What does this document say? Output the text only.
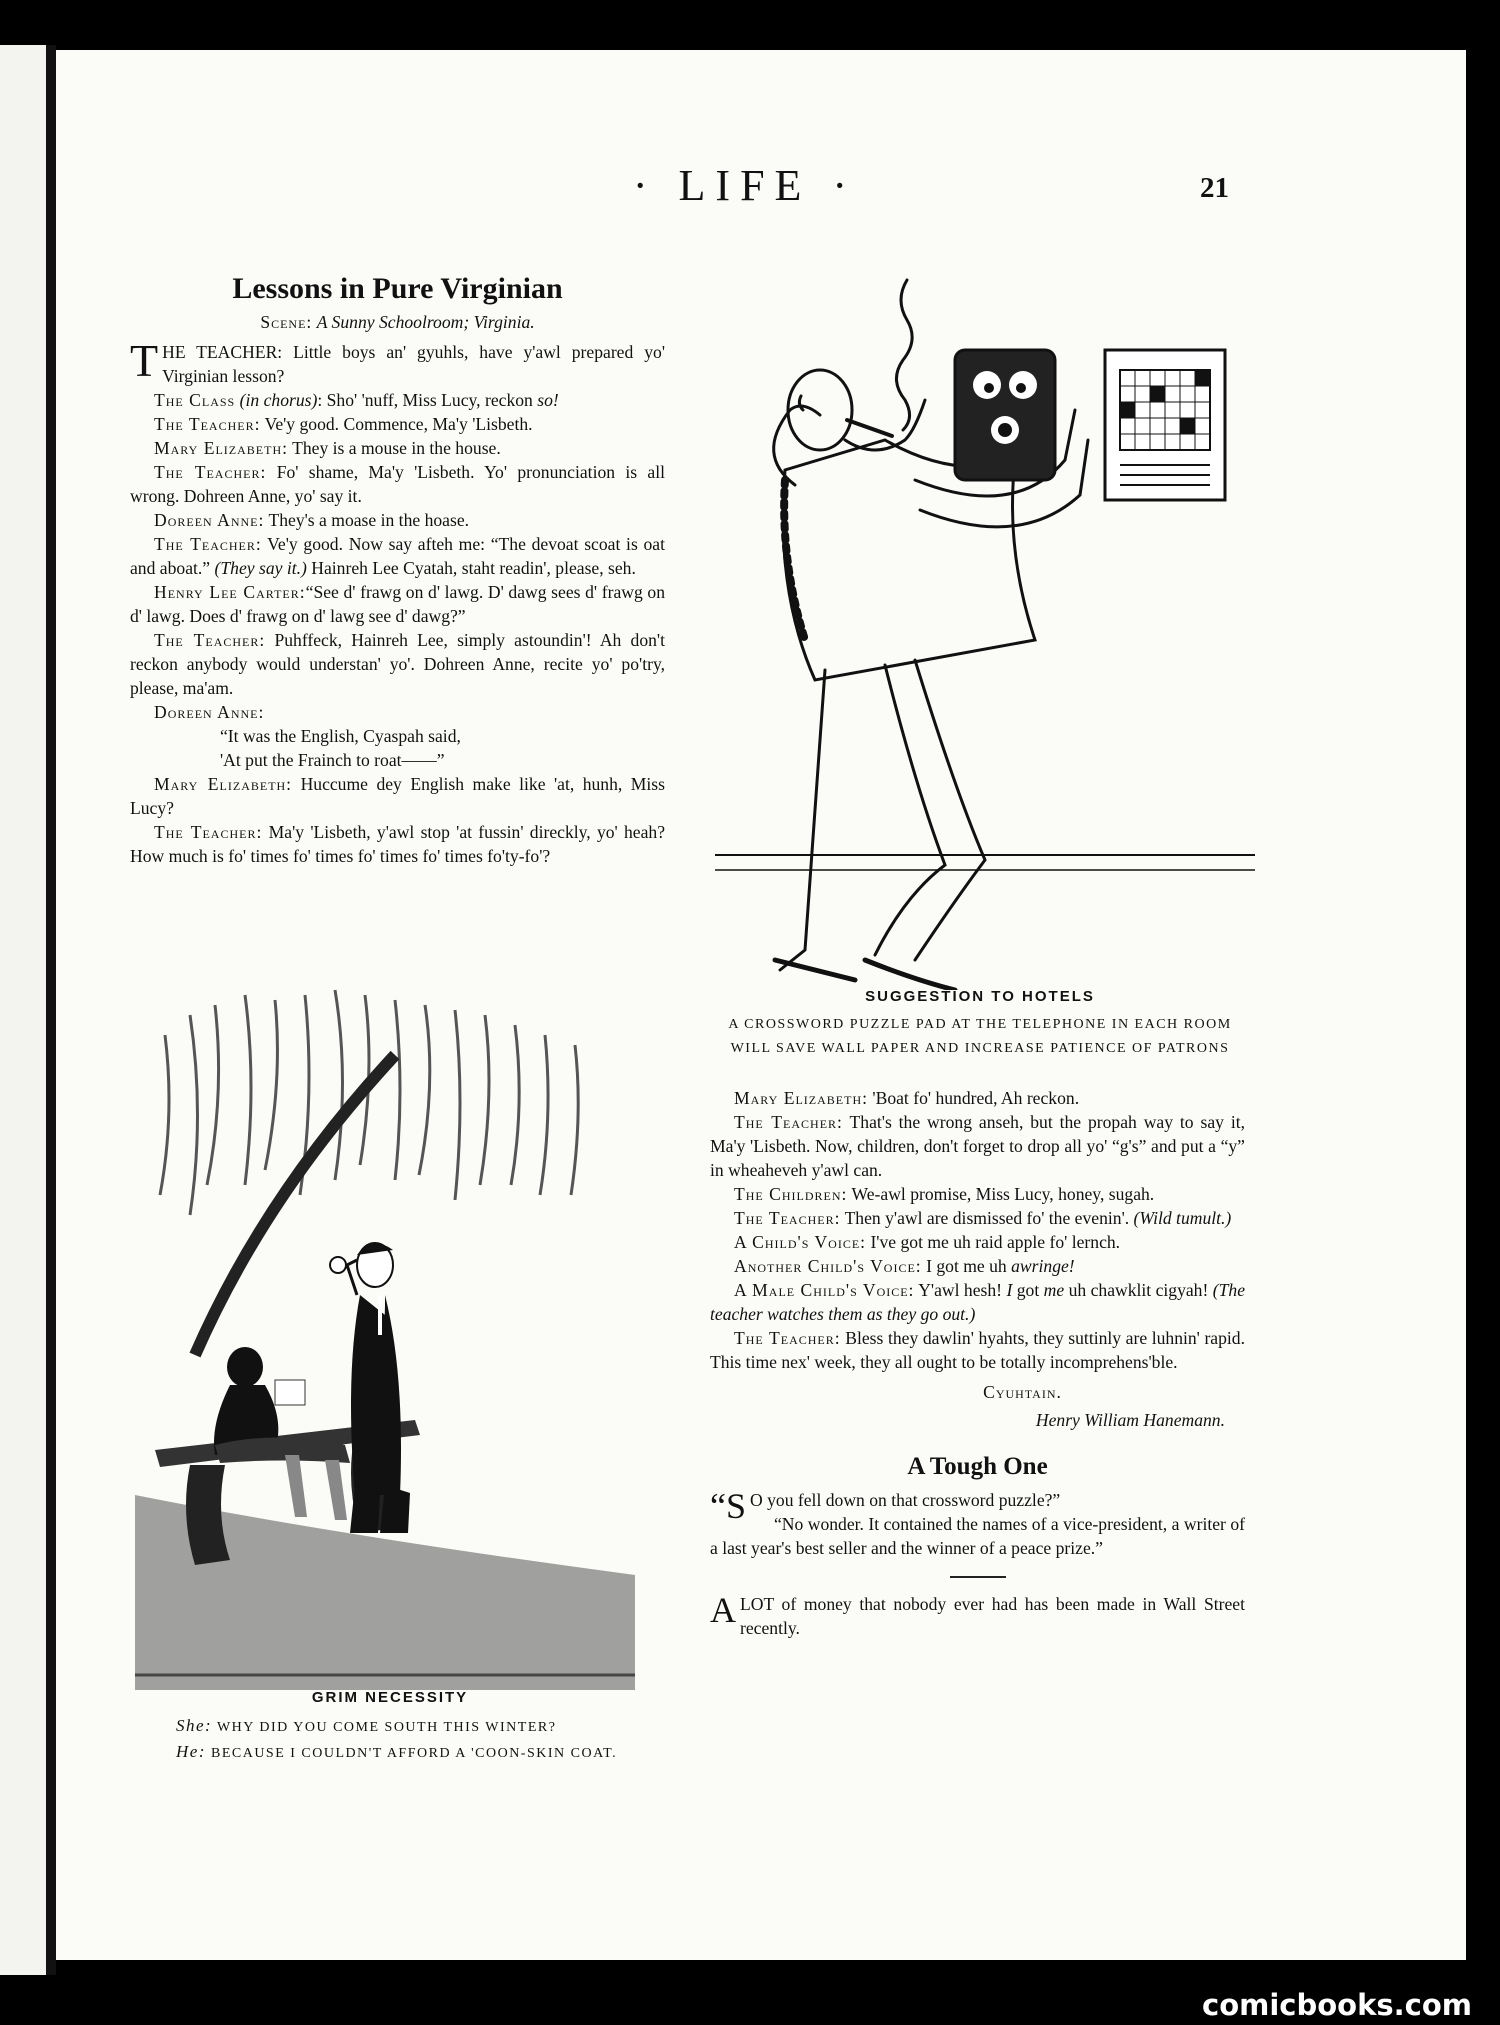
· LIFE ·	21
Lessons in Pure Virginian
Scene: A Sunny Schoolroom; Virginia.

THE TEACHER: Little boys an' gyuhls, have y'awl prepared yo' Virginian lesson?

The Class (in chorus): Sho' 'nuff, Miss Lucy, reckon so!

The Teacher: Ve'y good. Commence, Ma'y 'Lisbeth.

Mary Elizabeth: They is a mouse in the house.

The Teacher: Fo' shame, Ma'y 'Lisbeth. Yo' pronunciation is all wrong. Dohreen Anne, yo' say it.

Doreen Anne: They's a moase in the hoase.

The Teacher: Ve'y good. Now say afteh me: “The devoat scoat is oat and aboat.” (They say it.) Hainreh Lee Cyatah, staht readin', please, seh.

Henry Lee Carter:“See d' frawg on d' lawg. D' dawg sees d' frawg on d' lawg. Does d' frawg on d' lawg see d' dawg?”

The Teacher: Puhffeck, Hainreh Lee, simply astoundin'! Ah don't reckon anybody would understan' yo'. Dohreen Anne, recite yo' po'try, please, ma'am.

Doreen Anne:

“It was the English, Cyaspah said,

'At put the Frainch to roat——”

Mary Elizabeth: Huccume dey English make like 'at, hunh, Miss Lucy?

The Teacher: Ma'y 'Lisbeth, y'awl stop 'at fussin' direckly, yo' heah? How much is fo' times fo' times fo' times fo' times fo'ty-fo'?

SUGGESTION TO HOTELS
A CROSSWORD PUZZLE PAD AT THE TELEPHONE IN EACH ROOM
WILL SAVE WALL PAPER AND INCREASE PATIENCE OF PATRONS
GRIM NECESSITY
She: WHY DID YOU COME SOUTH THIS WINTER?
He: BECAUSE I COULDN'T AFFORD A 'COON-SKIN COAT.

Mary Elizabeth: 'Boat fo' hundred, Ah reckon.

The Teacher: That's the wrong anseh, but the propah way to say it, Ma'y 'Lisbeth. Now, children, don't forget to drop all yo' “g's” and put a “y” in wheaheveh y'awl can.

The Children: We-awl promise, Miss Lucy, honey, sugah.

The Teacher: Then y'awl are dismissed fo' the evenin'. (Wild tumult.)

A Child's Voice: I've got me uh raid apple fo' lernch.

Another Child's Voice: I got me uh awringe!

A Male Child's Voice: Y'awl hesh! I got me uh chawklit cigyah! (The teacher watches them as they go out.)

The Teacher: Bless they dawlin' hyahts, they suttinly are luhnin' rapid. This time nex' week, they all ought to be totally incomprehens'ble.

Cyuhtain.

Henry William Hanemann.

A Tough One

“S O you fell down on that crossword puzzle?”

“No wonder. It contained the names of a vice-president, a writer of a last year's best seller and the winner of a peace prize.”

ALOT of money that nobody ever had has been made in Wall Street recently.

comicbooks.com
